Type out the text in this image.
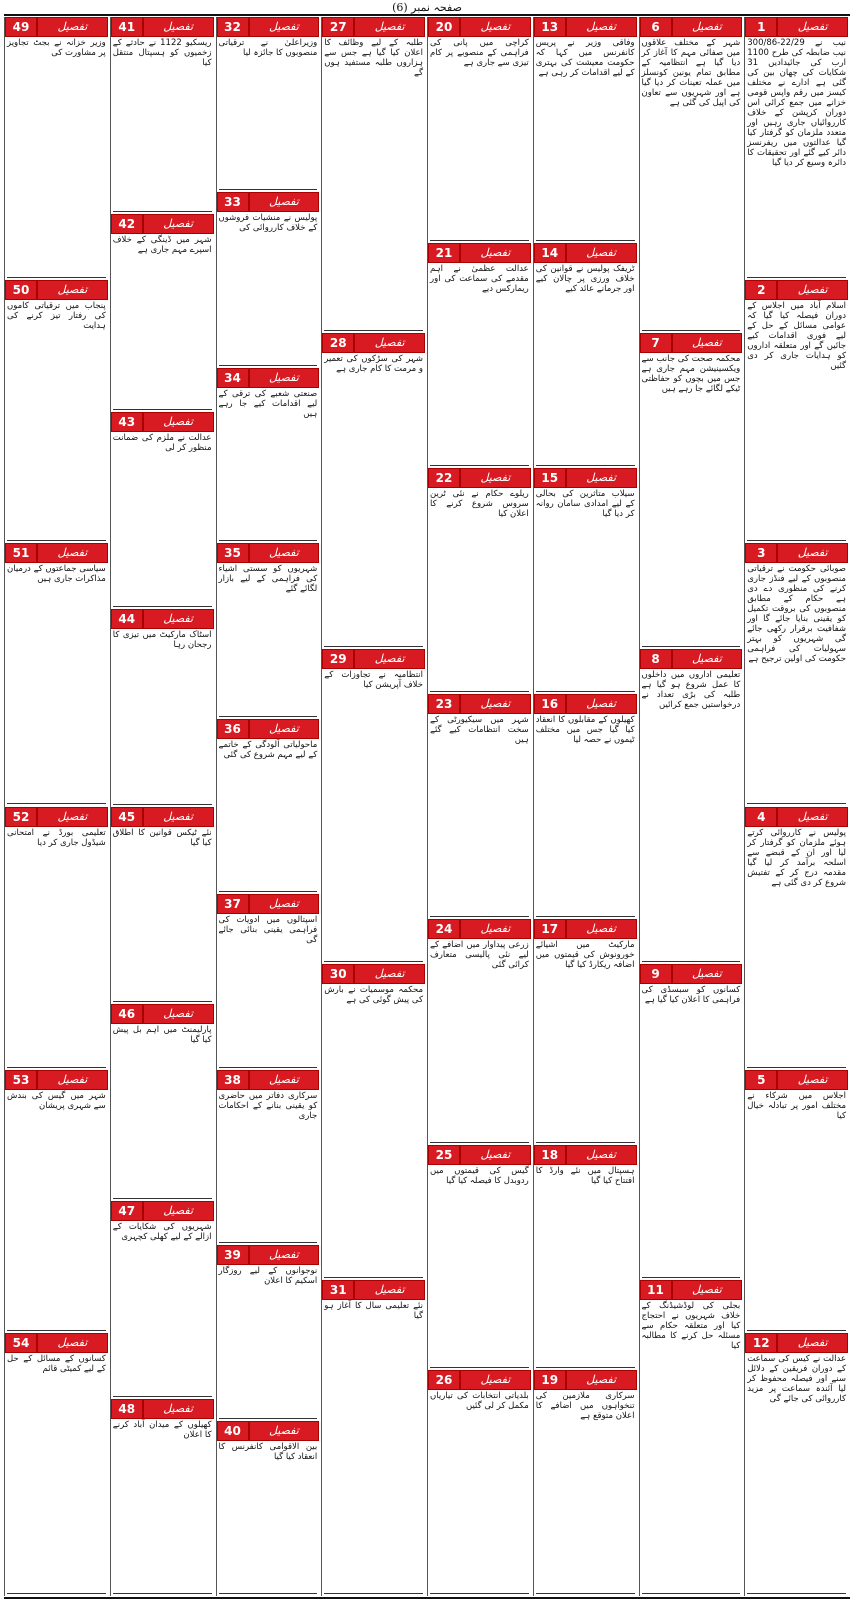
صفحہ نمبر (6)
تفصیل
1

نیب نے 22/29-300/86 نیب ضابطہ کی طرح 1100 ارب کی جائیدادیں 31 شکایات کی چھان بین کی گئی ہے ادارے نے مختلف کیسز میں رقم واپس قومی خزانے میں جمع کرائی اس دوران کرپشن کے خلاف کارروائیاں جاری رہیں اور متعدد ملزمان کو گرفتار کیا گیا عدالتوں میں ریفرنسز دائر کیے گئے اور تحقیقات کا دائرہ وسیع کر دیا گیا

تفصیل
2

اسلام آباد میں اجلاس کے دوران فیصلہ کیا گیا کہ عوامی مسائل کے حل کے لیے فوری اقدامات کیے جائیں گے اور متعلقہ اداروں کو ہدایات جاری کر دی گئیں

تفصیل
3

صوبائی حکومت نے ترقیاتی منصوبوں کے لیے فنڈز جاری کرنے کی منظوری دے دی ہے حکام کے مطابق منصوبوں کی بروقت تکمیل کو یقینی بنایا جائے گا اور شفافیت برقرار رکھی جائے گی شہریوں کو بہتر سہولیات کی فراہمی حکومت کی اولین ترجیح ہے

تفصیل
4

پولیس نے کارروائی کرتے ہوئے ملزمان کو گرفتار کر لیا اور ان کے قبضے سے اسلحہ برآمد کر لیا گیا مقدمہ درج کر کے تفتیش شروع کر دی گئی ہے

تفصیل
5

اجلاس میں شرکاء نے مختلف امور پر تبادلہ خیال کیا

تفصیل
12

عدالت نے کیس کی سماعت کے دوران فریقین کے دلائل سنے اور فیصلہ محفوظ کر لیا آئندہ سماعت پر مزید کارروائی کی جائے گی

تفصیل
6

شہر کے مختلف علاقوں میں صفائی مہم کا آغاز کر دیا گیا ہے انتظامیہ کے مطابق تمام یونین کونسلز میں عملہ تعینات کر دیا گیا ہے اور شہریوں سے تعاون کی اپیل کی گئی ہے

تفصیل
7

محکمہ صحت کی جانب سے ویکسینیشن مہم جاری ہے جس میں بچوں کو حفاظتی ٹیکے لگائے جا رہے ہیں

تفصیل
8

تعلیمی اداروں میں داخلوں کا عمل شروع ہو گیا ہے طلبہ کی بڑی تعداد نے درخواستیں جمع کرائیں

تفصیل
9

کسانوں کو سبسڈی کی فراہمی کا اعلان کیا گیا ہے

تفصیل
11

بجلی کی لوڈشیڈنگ کے خلاف شہریوں نے احتجاج کیا اور متعلقہ حکام سے مسئلہ حل کرنے کا مطالبہ کیا

تفصیل
13

وفاقی وزیر نے پریس کانفرنس میں کہا کہ حکومت معیشت کی بہتری کے لیے اقدامات کر رہی ہے

تفصیل
14

ٹریفک پولیس نے قوانین کی خلاف ورزی پر چالان کیے اور جرمانے عائد کیے

تفصیل
15

سیلاب متاثرین کی بحالی کے لیے امدادی سامان روانہ کر دیا گیا

تفصیل
16

کھیلوں کے مقابلوں کا انعقاد کیا گیا جس میں مختلف ٹیموں نے حصہ لیا

تفصیل
17

مارکیٹ میں اشیائے خورونوش کی قیمتوں میں اضافہ ریکارڈ کیا گیا

تفصیل
18

ہسپتال میں نئے وارڈ کا افتتاح کیا گیا

تفصیل
19

سرکاری ملازمین کی تنخواہوں میں اضافے کا اعلان متوقع ہے

تفصیل
20

کراچی میں پانی کی فراہمی کے منصوبے پر کام تیزی سے جاری ہے

تفصیل
21

عدالت عظمیٰ نے اہم مقدمے کی سماعت کی اور ریمارکس دیے

تفصیل
22

ریلوے حکام نے نئی ٹرین سروس شروع کرنے کا اعلان کیا

تفصیل
23

شہر میں سیکیورٹی کے سخت انتظامات کیے گئے ہیں

تفصیل
24

زرعی پیداوار میں اضافے کے لیے نئی پالیسی متعارف کرائی گئی

تفصیل
25

گیس کی قیمتوں میں ردوبدل کا فیصلہ کیا گیا

تفصیل
26

بلدیاتی انتخابات کی تیاریاں مکمل کر لی گئیں

تفصیل
27

طلبہ کے لیے وظائف کا اعلان کیا گیا ہے جس سے ہزاروں طلبہ مستفید ہوں گے

تفصیل
28

شہر کی سڑکوں کی تعمیر و مرمت کا کام جاری ہے

تفصیل
29

انتظامیہ نے تجاوزات کے خلاف آپریشن کیا

تفصیل
30

محکمہ موسمیات نے بارش کی پیش گوئی کی ہے

تفصیل
31

نئے تعلیمی سال کا آغاز ہو گیا

تفصیل
32

وزیراعلیٰ نے ترقیاتی منصوبوں کا جائزہ لیا

تفصیل
33

پولیس نے منشیات فروشوں کے خلاف کارروائی کی

تفصیل
34

صنعتی شعبے کی ترقی کے لیے اقدامات کیے جا رہے ہیں

تفصیل
35

شہریوں کو سستی اشیاء کی فراہمی کے لیے بازار لگائے گئے

تفصیل
36

ماحولیاتی آلودگی کے خاتمے کے لیے مہم شروع کی گئی

تفصیل
37

اسپتالوں میں ادویات کی فراہمی یقینی بنائی جائے گی

تفصیل
38

سرکاری دفاتر میں حاضری کو یقینی بنانے کے احکامات جاری

تفصیل
39

نوجوانوں کے لیے روزگار اسکیم کا اعلان

تفصیل
40

بین الاقوامی کانفرنس کا انعقاد کیا گیا

تفصیل
41

ریسکیو 1122 نے حادثے کے زخمیوں کو ہسپتال منتقل کیا

تفصیل
42

شہر میں ڈینگی کے خلاف اسپرے مہم جاری ہے

تفصیل
43

عدالت نے ملزم کی ضمانت منظور کر لی

تفصیل
44

اسٹاک مارکیٹ میں تیزی کا رجحان رہا

تفصیل
45

نئے ٹیکس قوانین کا اطلاق کیا گیا

تفصیل
46

پارلیمنٹ میں اہم بل پیش کیا گیا

تفصیل
47

شہریوں کی شکایات کے ازالے کے لیے کھلی کچہری

تفصیل
48

کھیلوں کے میدان آباد کرنے کا اعلان

تفصیل
49

وزیر خزانہ نے بجٹ تجاویز پر مشاورت کی

تفصیل
50

پنجاب میں ترقیاتی کاموں کی رفتار تیز کرنے کی ہدایت

تفصیل
51

سیاسی جماعتوں کے درمیان مذاکرات جاری ہیں

تفصیل
52

تعلیمی بورڈ نے امتحانی شیڈول جاری کر دیا

تفصیل
53

شہر میں گیس کی بندش سے شہری پریشان

تفصیل
54

کسانوں کے مسائل کے حل کے لیے کمیٹی قائم
